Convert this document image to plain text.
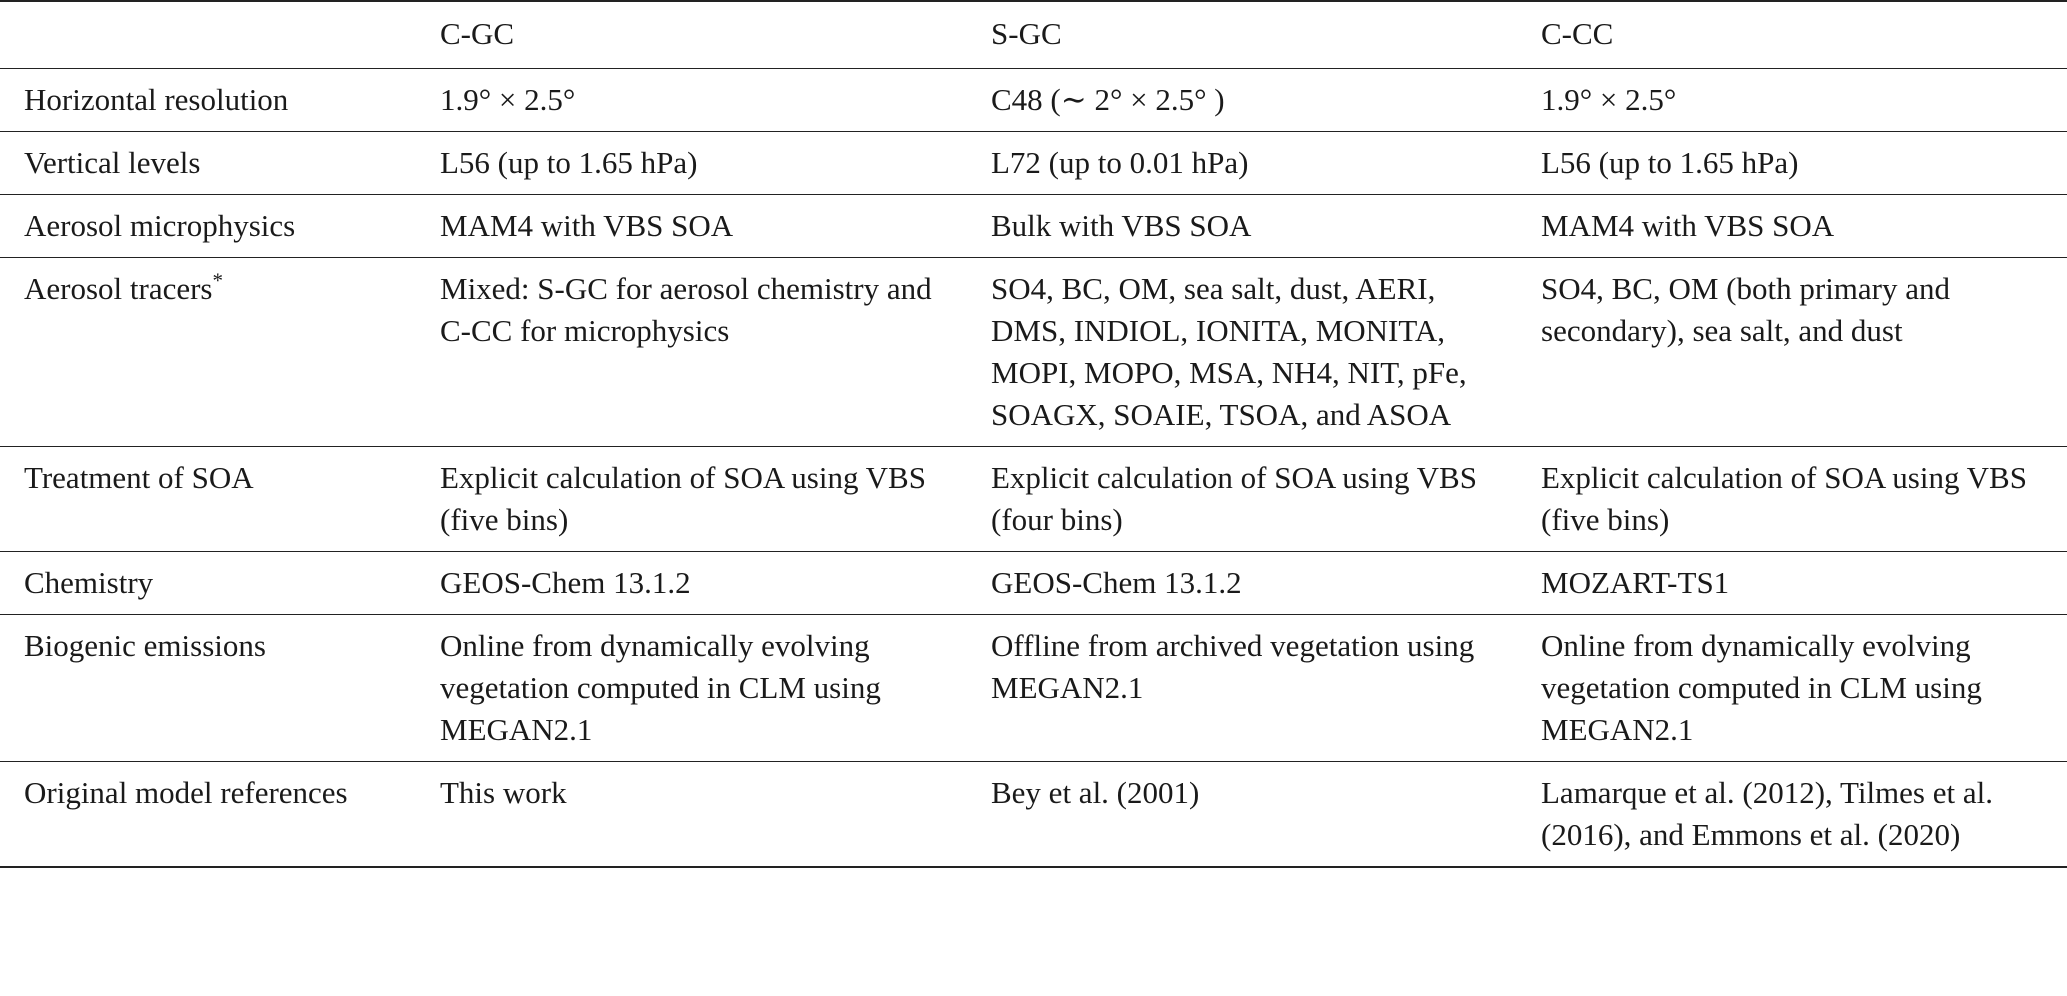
	C-GC	S-GC	C-CC
Horizontal resolution	1.9° × 2.5°	C48 (∼ 2° × 2.5° )	1.9° × 2.5°
Vertical levels	L56 (up to 1.65 hPa)	L72 (up to 0.01 hPa)	L56 (up to 1.65 hPa)
Aerosol microphysics	MAM4 with VBS SOA	Bulk with VBS SOA	MAM4 with VBS SOA
Aerosol tracers*	Mixed: S-GC for aerosol chemistry and C-CC for microphysics	SO4, BC, OM, sea salt, dust, AERI, DMS, INDIOL, IONITA, MONITA, MOPI, MOPO, MSA, NH4, NIT, pFe, SOAGX, SOAIE, TSOA, and ASOA	SO4, BC, OM (both primary and secondary), sea salt, and dust
Treatment of SOA	Explicit calculation of SOA using VBS (five bins)	Explicit calculation of SOA using VBS (four bins)	Explicit calculation of SOA using VBS (five bins)
Chemistry	GEOS-Chem 13.1.2	GEOS-Chem 13.1.2	MOZART-TS1
Biogenic emissions	Online from dynamically evolving vegetation computed in CLM using MEGAN2.1	Offline from archived vegetation using MEGAN2.1	Online from dynamically evolving vegetation computed in CLM using MEGAN2.1
Original model references	This work	Bey et al. (2001)	Lamarque et al. (2012), Tilmes et al. (2016), and Emmons et al. (2020)
